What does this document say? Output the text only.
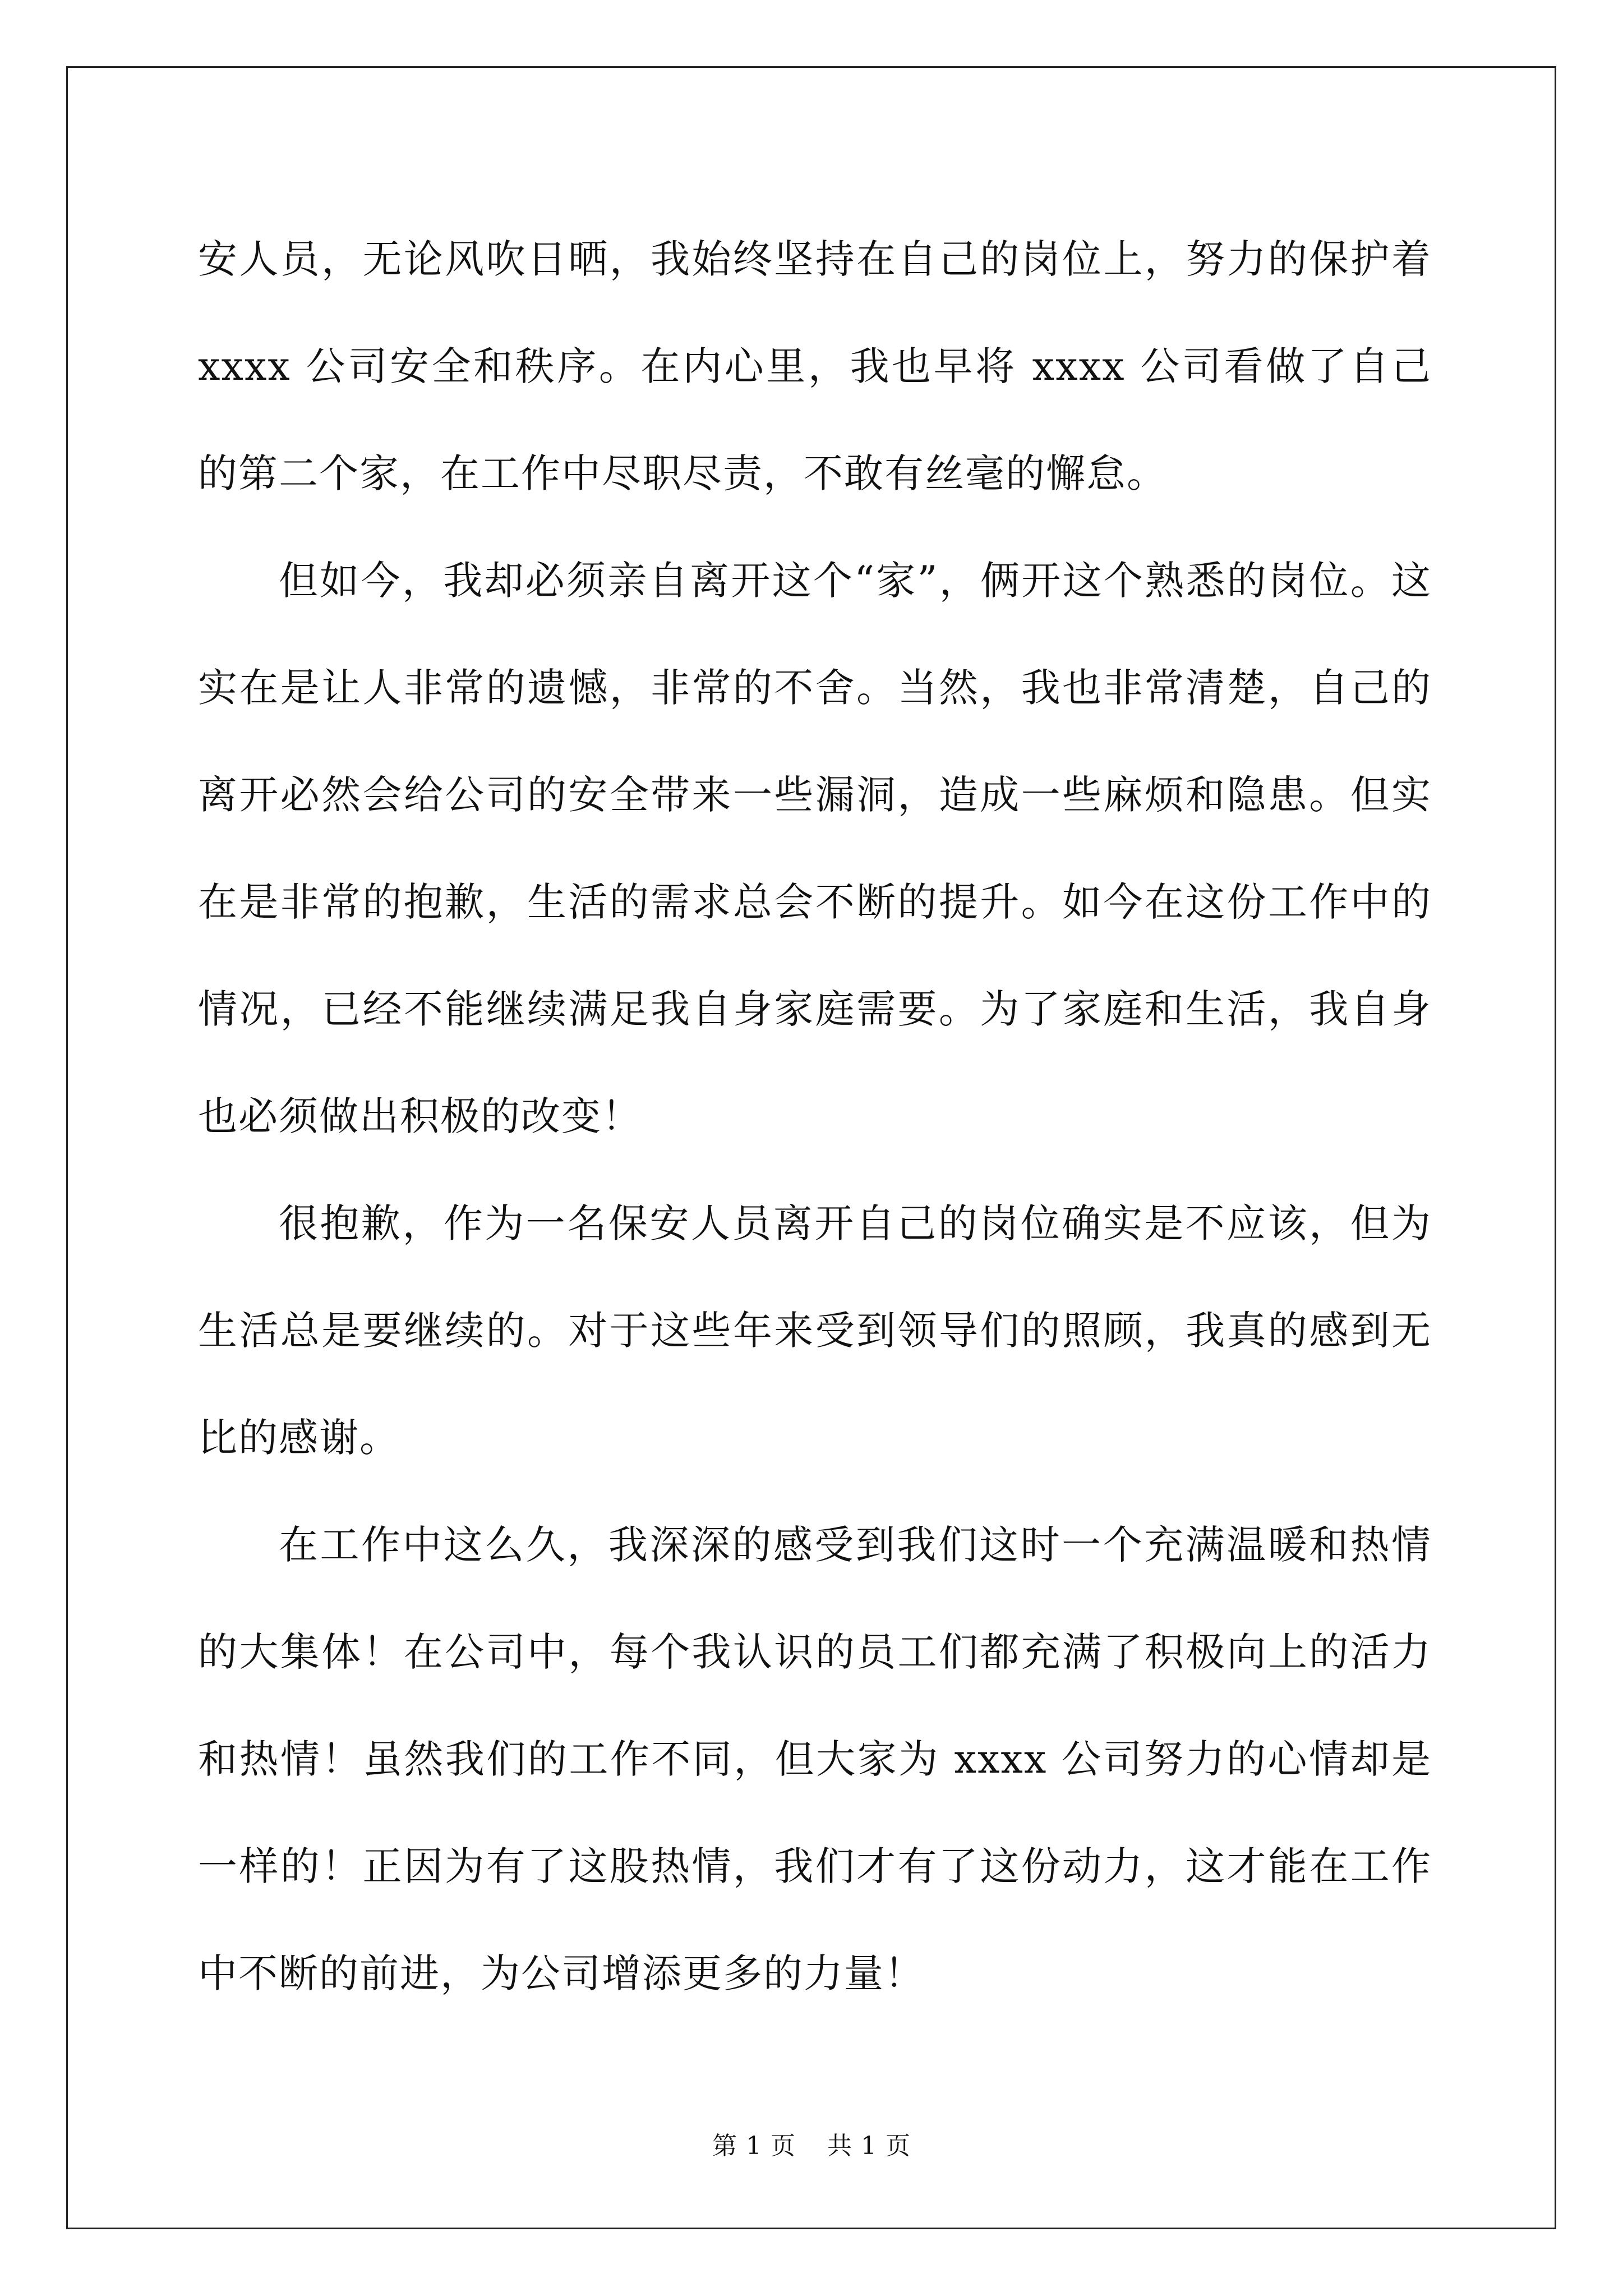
安人员，无论风吹日晒，我始终坚持在自己的岗位上，努力的保护着 xxxx 公司安全和秩序。在内心里，我也早将 xxxx 公司看做了自己的第二个家，在工作中尽职尽责，不敢有丝毫的懈怠。

但如今，我却必须亲自离开这个“家”，俩开这个熟悉的岗位。这实在是让人非常的遗憾，非常的不舍。当然，我也非常清楚，自己的离开必然会给公司的安全带来一些漏洞，造成一些麻烦和隐患。但实在是非常的抱歉，生活的需求总会不断的提升。如今在这份工作中的情况，已经不能继续满足我自身家庭需要。为了家庭和生活，我自身也必须做出积极的改变！

很抱歉，作为一名保安人员离开自己的岗位确实是不应该，但为生活总是要继续的。对于这些年来受到领导们的照顾，我真的感到无比的感谢。

在工作中这么久，我深深的感受到我们这时一个充满温暖和热情的大集体！在公司中，每个我认识的员工们都充满了积极向上的活力和热情！虽然我们的工作不同，但大家为 xxxx 公司努力的心情却是一样的！正因为有了这股热情，我们才有了这份动力，这才能在工作中不断的前进，为公司增添更多的力量！

第 1 页 共 1 页
